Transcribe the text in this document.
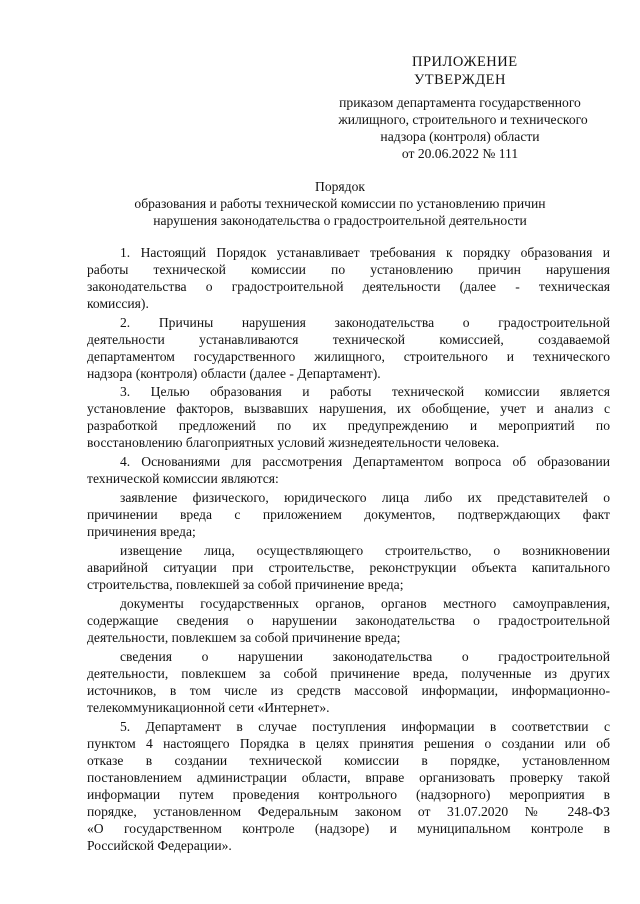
ПРИЛОЖЕНИЕ
УТВЕРЖДЕН
приказом департамента государственного
жилищного, строительного и технического
надзора (контроля) области
от 20.06.2022 № 111
Порядок
образования и работы технической комиссии по установлению причин
нарушения законодательства о градостроительной деятельности
1. Настоящий Порядок устанавливает требования к порядку образования и
работы технической комиссии по установлению причин нарушения
законодательства о градостроительной деятельности (далее - техническая
комиссия).
2. Причины нарушения законодательства о градостроительной
деятельности устанавливаются технической комиссией, создаваемой
департаментом государственного жилищного, строительного и технического
надзора (контроля) области (далее - Департамент).
3. Целью образования и работы технической комиссии является
установление факторов, вызвавших нарушения, их обобщение, учет и анализ с
разработкой предложений по их предупреждению и мероприятий по
восстановлению благоприятных условий жизнедеятельности человека.
4. Основаниями для рассмотрения Департаментом вопроса об образовании
технической комиссии являются:
заявление физического, юридического лица либо их представителей о
причинении вреда с приложением документов, подтверждающих факт
причинения вреда;
извещение лица, осуществляющего строительство, о возникновении
аварийной ситуации при строительстве, реконструкции объекта капитального
строительства, повлекшей за собой причинение вреда;
документы государственных органов, органов местного самоуправления,
содержащие сведения о нарушении законодательства о градостроительной
деятельности, повлекшем за собой причинение вреда;
сведения о нарушении законодательства о градостроительной
деятельности, повлекшем за собой причинение вреда, полученные из других
источников, в том числе из средств массовой информации, информационно-
телекоммуникационной сети «Интернет».
5. Департамент в случае поступления информации в соответствии с
пунктом 4 настоящего Порядка в целях принятия решения о создании или об
отказе в создании технической комиссии в порядке, установленном
постановлением администрации области, вправе организовать проверку такой
информации путем проведения контрольного (надзорного) мероприятия в
порядке, установленном Федеральным законом от 31.07.2020 № 248-ФЗ
«О государственном контроле (надзоре) и муниципальном контроле в
Российской Федерации».
